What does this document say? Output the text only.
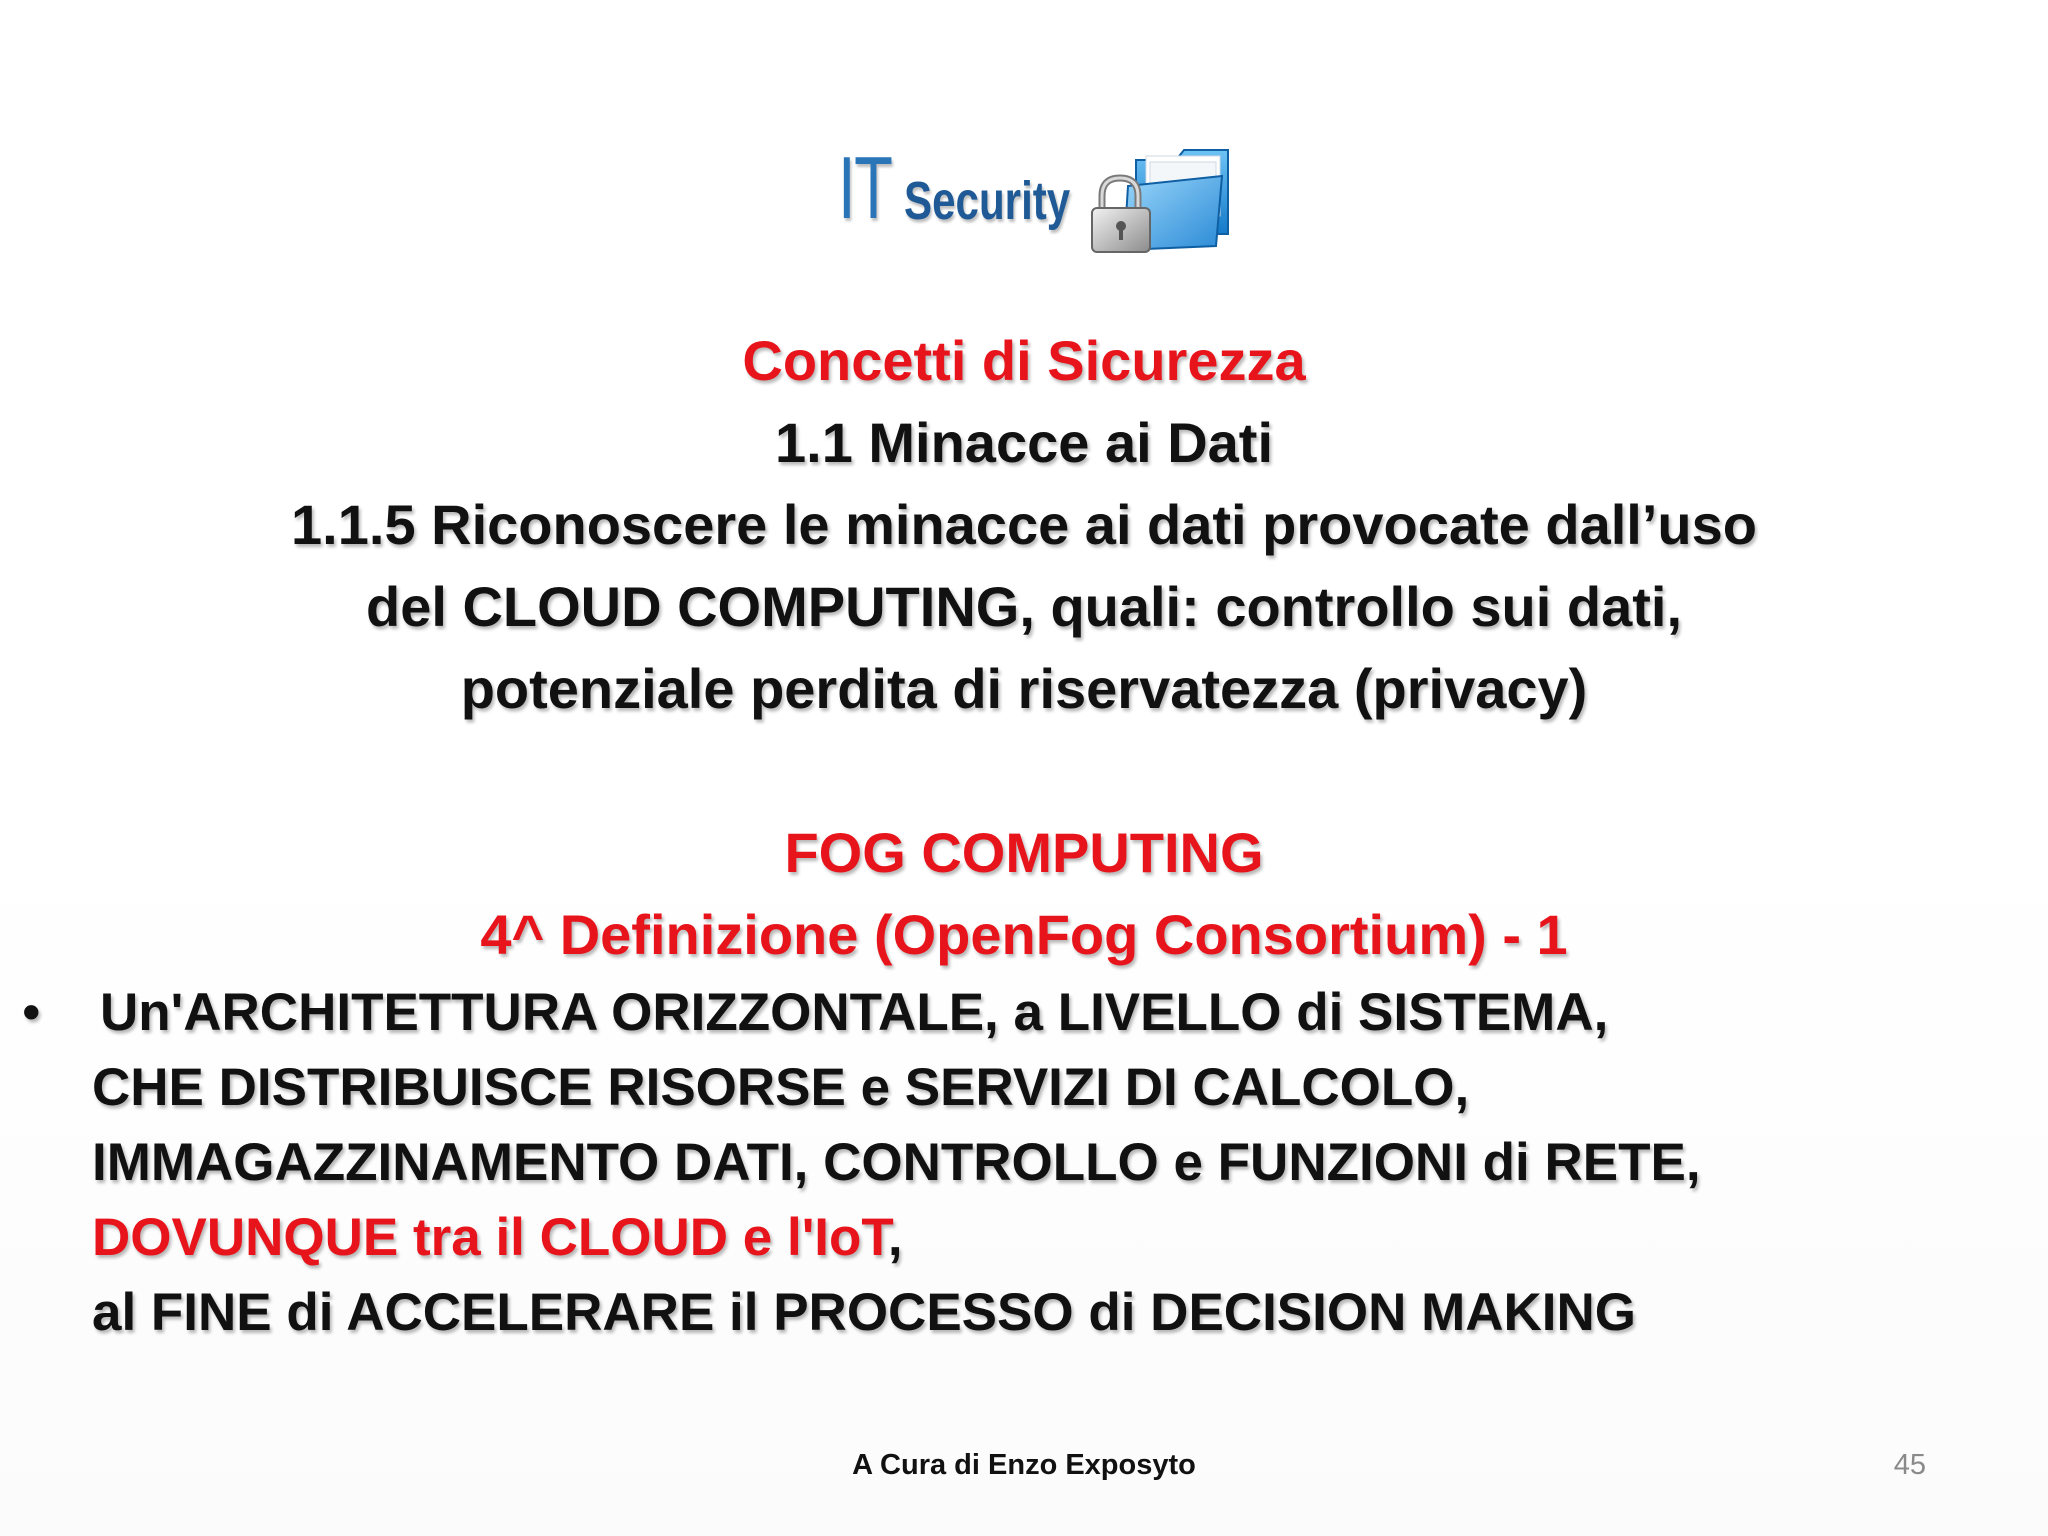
IT Security
Concetti di Sicurezza
1.1 Minacce ai Dati
1.1.5 Riconoscere le minacce ai dati provocate dall’uso
del CLOUD COMPUTING, quali: controllo sui dati,
potenziale perdita di riservatezza (privacy)
FOG COMPUTING
4^ Definizione (OpenFog Consortium) - 1
• Un'ARCHITETTURA ORIZZONTALE, a LIVELLO di SISTEMA,
CHE DISTRIBUISCE RISORSE e SERVIZI DI CALCOLO,
IMMAGAZZINAMENTO DATI, CONTROLLO e FUNZIONI di RETE,
DOVUNQUE tra il CLOUD e l'IoT,
al FINE di ACCELERARE il PROCESSO di DECISION MAKING
A Cura di Enzo Exposyto	45
